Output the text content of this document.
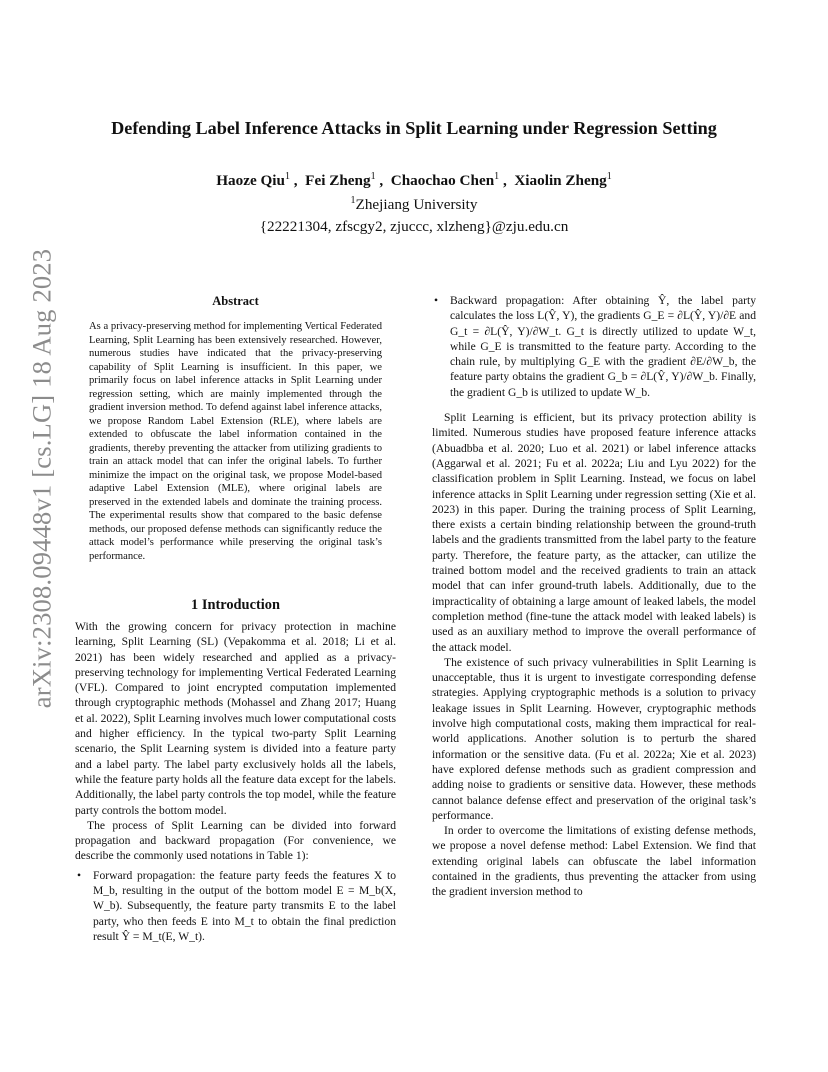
arXiv:2308.09448v1 [cs.LG] 18 Aug 2023
Defending Label Inference Attacks in Split Learning under Regression Setting
Haoze Qiu$^1$ ,  Fei Zheng$^1$ ,  Chaochao Chen$^1$ ,  Xiaolin Zheng$^1$
$^1$Zhejiang University
{22221304, zfscgy2, zjuccc, xlzheng}@zju.edu.cn
Abstract
As a privacy-preserving method for implementing Vertical Federated Learning, Split Learning has been extensively researched. However, numerous studies have indicated that the privacy-preserving capability of Split Learning is insufficient. In this paper, we primarily focus on label inference attacks in Split Learning under regression setting, which are mainly implemented through the gradient inversion method. To defend against label inference attacks, we propose Random Label Extension (RLE), where labels are extended to obfuscate the label information contained in the gradients, thereby preventing the attacker from utilizing gradients to train an attack model that can infer the original labels. To further minimize the impact on the original task, we propose Model-based adaptive Label Extension (MLE), where original labels are preserved in the extended labels and dominate the training process. The experimental results show that compared to the basic defense methods, our proposed defense methods can significantly reduce the attack model’s performance while preserving the original task’s performance.
1 Introduction

With the growing concern for privacy protection in machine learning, Split Learning (SL) (Vepakomma et al. 2018; Li et al. 2021) has been widely researched and applied as a privacy-preserving technology for implementing Vertical Federated Learning (VFL). Compared to joint encrypted computation implemented through cryptographic methods (Mohassel and Zhang 2017; Huang et al. 2022), Split Learning involves much lower computational costs and higher efficiency. In the typical two-party Split Learning scenario, the Split Learning system is divided into a feature party and a label party. The label party exclusively holds all the labels, while the feature party holds all the feature data except for the labels. Additionally, the label party controls the top model, while the feature party controls the bottom model.

The process of Split Learning can be divided into forward propagation and backward propagation (For convenience, we describe the commonly used notations in Table 1):

•	Forward propagation: the feature party feeds the features X to M_b, resulting in the output of the bottom model E = M_b(X, W_b). Subsequently, the feature party transmits E to the label party, who then feeds E into M_t to obtain the final prediction result Ŷ = M_t(E, W_t).
•	Backward propagation: After obtaining Ŷ, the label party calculates the loss L(Ŷ, Y), the gradients G_E = ∂L(Ŷ, Y)/∂E and G_t = ∂L(Ŷ, Y)/∂W_t. G_t is directly utilized to update W_t, while G_E is transmitted to the feature party. According to the chain rule, by multiplying G_E with the gradient ∂E/∂W_b, the feature party obtains the gradient G_b = ∂L(Ŷ, Y)/∂W_b. Finally, the gradient G_b is utilized to update W_b.

Split Learning is efficient, but its privacy protection ability is limited. Numerous studies have proposed feature inference attacks (Abuadbba et al. 2020; Luo et al. 2021) or label inference attacks (Aggarwal et al. 2021; Fu et al. 2022a; Liu and Lyu 2022) for the classification problem in Split Learning. Instead, we focus on label inference attacks in Split Learning under regression setting (Xie et al. 2023) in this paper. During the training process of Split Learning, there exists a certain binding relationship between the ground-truth labels and the gradients transmitted from the label party to the feature party. Therefore, the feature party, as the attacker, can utilize the trained bottom model and the received gradients to train an attack model that can infer ground-truth labels. Additionally, due to the impracticality of obtaining a large amount of leaked labels, the model completion method (fine-tune the attack model with leaked labels) is used as an auxiliary method to improve the overall performance of the attack model.

The existence of such privacy vulnerabilities in Split Learning is unacceptable, thus it is urgent to investigate corresponding defense strategies. Applying cryptographic methods is a solution to privacy leakage issues in Split Learning. However, cryptographic methods involve high computational costs, making them impractical for real-world applications. Another solution is to perturb the shared information or the sensitive data. (Fu et al. 2022a; Xie et al. 2023) have explored defense methods such as gradient compression and adding noise to gradients or sensitive data. However, these methods cannot balance defense effect and preservation of the original task’s performance.

In order to overcome the limitations of existing defense methods, we propose a novel defense method: Label Extension. We find that extending original labels can obfuscate the label information contained in the gradients, thus preventing the attacker from using the gradient inversion method to
